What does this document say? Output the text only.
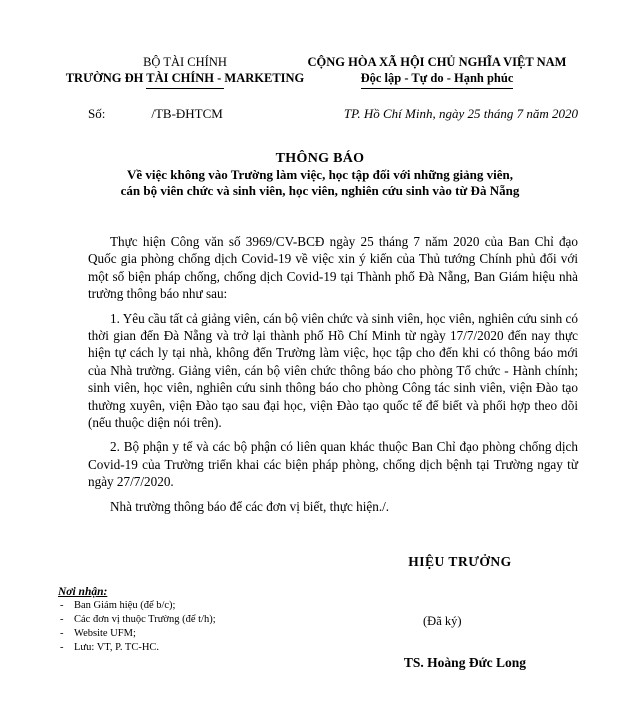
BỘ TÀI CHÍNH
TRƯỜNG ĐH TÀI CHÍNH - MARKETING
CỘNG HÒA XÃ HỘI CHỦ NGHĨA VIỆT NAM
Độc lập - Tự do - Hạnh phúc
Số:	/TB-ĐHTCM	TP. Hồ Chí Minh, ngày 25 tháng 7 năm 2020
THÔNG BÁO
Về việc không vào Trường làm việc, học tập đối với những giảng viên,
cán bộ viên chức và sinh viên, học viên, nghiên cứu sinh vào từ Đà Nẵng

Thực hiện Công văn số 3969/CV-BCĐ ngày 25 tháng 7 năm 2020 của Ban Chỉ đạo Quốc gia phòng chống dịch Covid-19 về việc xin ý kiến của Thủ tướng Chính phủ đối với một số biện pháp chống, chống dịch Covid-19 tại Thành phố Đà Nẵng, Ban Giám hiệu nhà trường thông báo như sau:

1. Yêu cầu tất cả giảng viên, cán bộ viên chức và sinh viên, học viên, nghiên cứu sinh có thời gian đến Đà Nẵng và trở lại thành phố Hồ Chí Minh từ ngày 17/7/2020 đến nay thực hiện tự cách ly tại nhà, không đến Trường làm việc, học tập cho đến khi có thông báo mới của Nhà trường. Giảng viên, cán bộ viên chức thông báo cho phòng Tổ chức - Hành chính; sinh viên, học viên, nghiên cứu sinh thông báo cho phòng Công tác sinh viên, viện Đào tạo thường xuyên, viện Đào tạo sau đại học, viện Đào tạo quốc tế để biết và phối hợp theo dõi (nếu thuộc diện nói trên).

2. Bộ phận y tế và các bộ phận có liên quan khác thuộc Ban Chỉ đạo phòng chống dịch Covid-19 của Trường triển khai các biện pháp phòng, chống dịch bệnh tại Trường ngay từ ngày 27/7/2020.

Nhà trường thông báo để các đơn vị biết, thực hiện./.

HIỆU TRƯỞNG
(Đã ký)
TS. Hoàng Đức Long
Nơi nhận:
- Ban Giám hiệu (để b/c);
- Các đơn vị thuộc Trường (để t/h);
- Website UFM;
- Lưu: VT, P. TC-HC.
